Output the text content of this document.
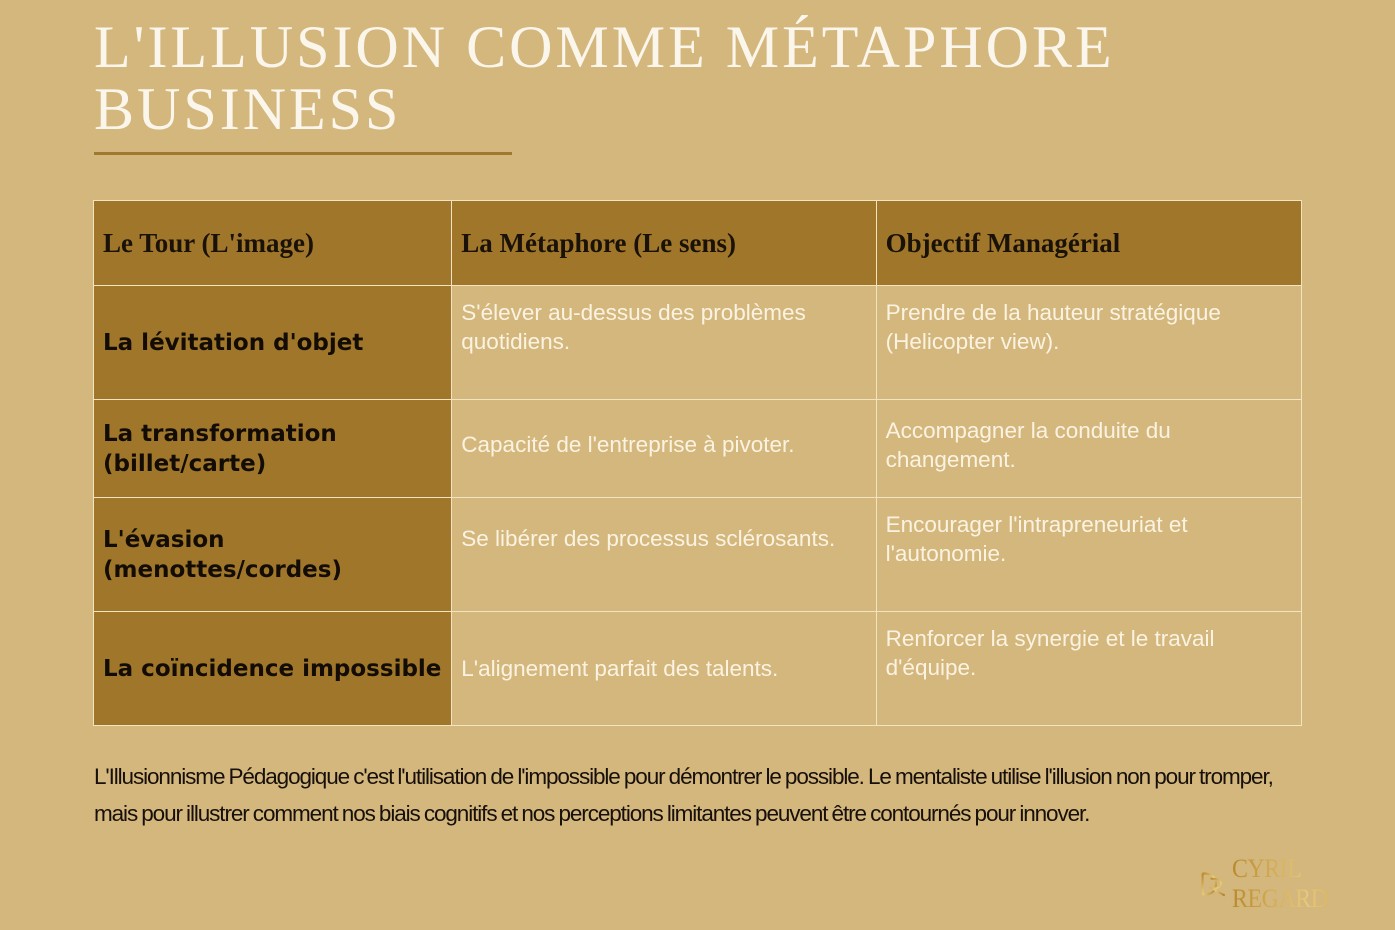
L'ILLUSION COMME MÉTAPHORE
BUSINESS
Le Tour (L'image)	La Métaphore (Le sens)	Objectif Managérial

La lévitation d'objet	S'élever au-dessus des problèmes quotidiens.	Prendre de la hauteur stratégique (Helicopter view).

La transformation (billet/carte)	Capacité de l'entreprise à pivoter.	Accompagner la conduite du changement.

L'évasion (menottes/cordes)	Se libérer des processus sclérosants.	Encourager l'intrapreneuriat et l'autonomie.

La coïncidence impossible	L'alignement parfait des talents.	Renforcer la synergie et le travail d'équipe.

L'Illusionnisme Pédagogique c'est l'utilisation de l'impossible pour démontrer le possible. Le mentaliste utilise l'illusion non pour tromper, mais pour illustrer comment nos biais cognitifs et nos perceptions limitantes peuvent être contournés pour innover.

CYRIL REGARD
